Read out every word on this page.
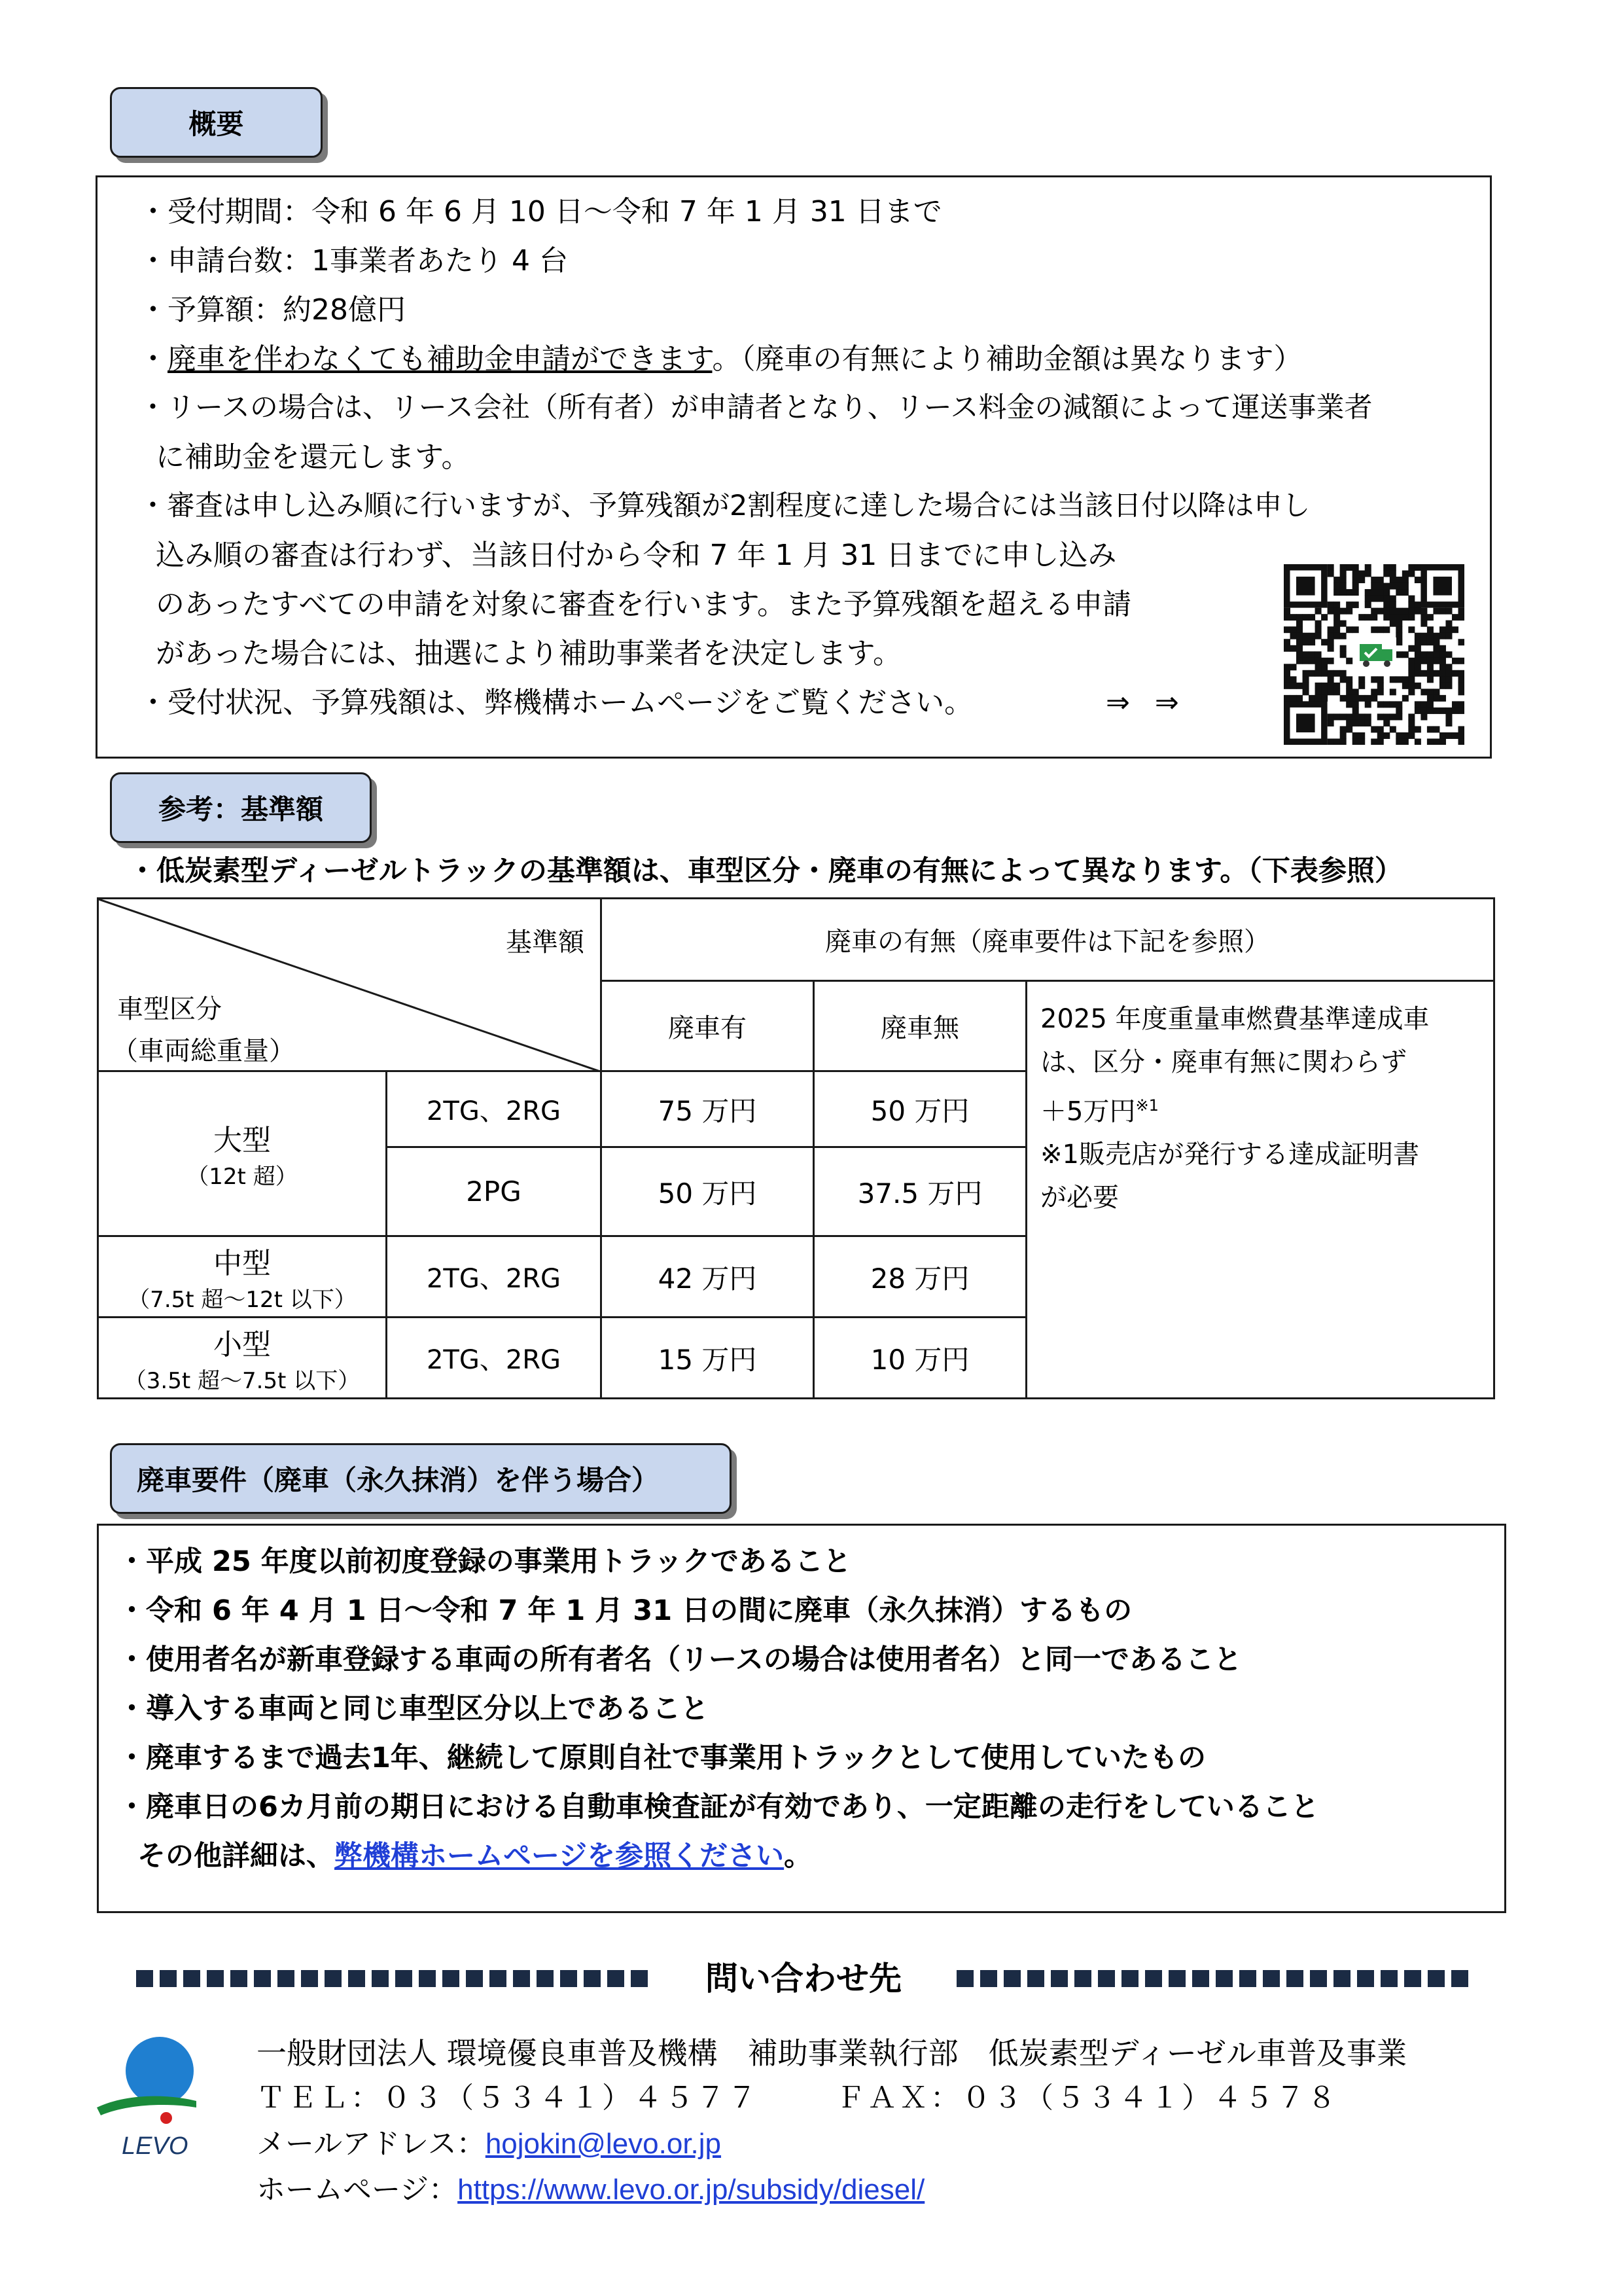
概要
・受付期間：令和 6 年 6 月 10 日～令和 7 年 1 月 31 日まで
・申請台数：1事業者あたり 4 台
・予算額：約28億円
・廃車を伴わなくても補助金申請ができます。（廃車の有無により補助金額は異なります）
・リースの場合は、リース会社（所有者）が申請者となり、リース料金の減額によって運送事業者
に補助金を還元します。
・審査は申し込み順に行いますが、予算残額が2割程度に達した場合には当該日付以降は申し
込み順の審査は行わず、当該日付から令和 7 年 1 月 31 日までに申し込み
のあったすべての申請を対象に審査を行います。また予算残額を超える申請
があった場合には、抽選により補助事業者を決定します。
・受付状況、予算残額は、弊機構ホームページをご覧ください。	⇒ ⇒
参考：基準額
・低炭素型ディーゼルトラックの基準額は、車型区分・廃車の有無によって異なります。（下表参照）
基準額
車型区分
（車両総重量）		廃車の有無（廃車要件は下記を参照）		
		廃車有	廃車無	2025 年度重量車燃費基準達成車
は、区分・廃車有無に関わらず
＋5万円$^{※1}$
※1販売店が発行する達成証明書
が必要

大型
（12t 超）	2TG、2RG	75 万円	50 万円	
	2PG	50 万円	37.5 万円	

中型
（7.5t 超～12t 以下）	2TG、2RG	42 万円	28 万円	

小型
（3.5t 超～7.5t 以下）	2TG、2RG	15 万円	10 万円	
廃車要件（廃車（永久抹消）を伴う場合）
・平成 25 年度以前初度登録の事業用トラックであること
・令和 6 年 4 月 1 日～令和 7 年 1 月 31 日の間に廃車（永久抹消）するもの
・使用者名が新車登録する車両の所有者名（リースの場合は使用者名）と同一であること
・導入する車両と同じ車型区分以上であること
・廃車するまで過去1年、継続して原則自社で事業用トラックとして使用していたもの
・廃車日の6カ月前の期日における自動車検査証が有効であり、一定距離の走行をしていること
その他詳細は、弊機構ホームページを参照ください。
問い合わせ先
LEVO
一般財団法人 環境優良車普及機構　補助事業執行部　低炭素型ディーゼル車普及事業
ＴＥＬ：０３（５３４１）４５７７	ＦＡＸ：０３（５３４１）４５７８
メールアドレス：hojokin@levo.or.jp
ホームページ：https://www.levo.or.jp/subsidy/diesel/
